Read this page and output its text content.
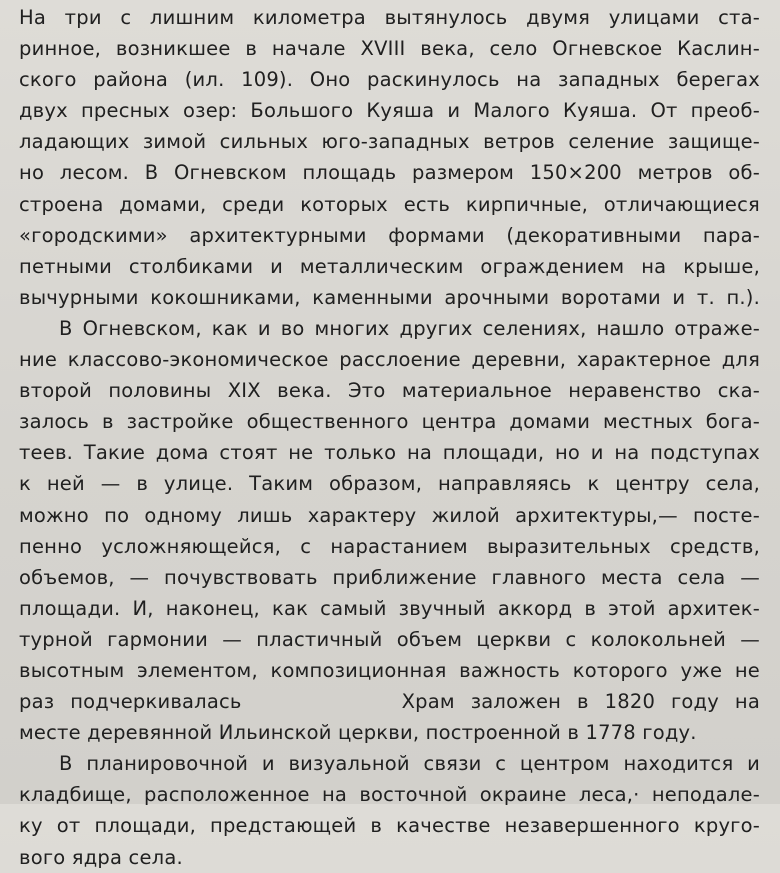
На три с лишним километра вытянулось двумя улицами ста-
ринное, возникшее в начале XVIII века, село Огневское Каслин-
ского района (ил. 109). Оно раскинулось на западных берегах
двух пресных озер: Большого Куяша и Малого Куяша. От преоб-
ладающих зимой сильных юго-западных ветров селение защище-
но лесом. В Огневском площадь размером 150×200 метров об-
строена домами, среди которых есть кирпичные, отличающиеся
«городскими» архитектурными формами (декоративными пара-
петными столбиками и металлическим ограждением на крыше,
вычурными кокошниками, каменными арочными воротами и т. п.).
В Огневском, как и во многих других селениях, нашло отраже-
ние классово-экономическое расслоение деревни, характерное для
второй половины XIX века. Это материальное неравенство ска-
залось в застройке общественного центра домами местных бога-
теев. Такие дома стоят не только на площади, но и на подступах
к ней — в улице. Таким образом, направляясь к центру села,
можно по одному лишь характеру жилой архитектуры,— посте-
пенно усложняющейся, с нарастанием выразительных средств,
объемов, — почувствовать приближение главного места села —
площади. И, наконец, как самый звучный аккорд в этой архитек-
турной гармонии — пластичный объем церкви с колокольней —
высотным элементом, композиционная важность которого уже не
раз подчеркивалась	Храм заложен в 1820 году на
месте деревянной Ильинской церкви, построенной в 1778 году.
В планировочной и визуальной связи с центром находится и
кладбище, расположенное на восточной окраине леса,· неподале-
ку от площади, предстающей в качестве незавершенного круго-
вого ядра села.
